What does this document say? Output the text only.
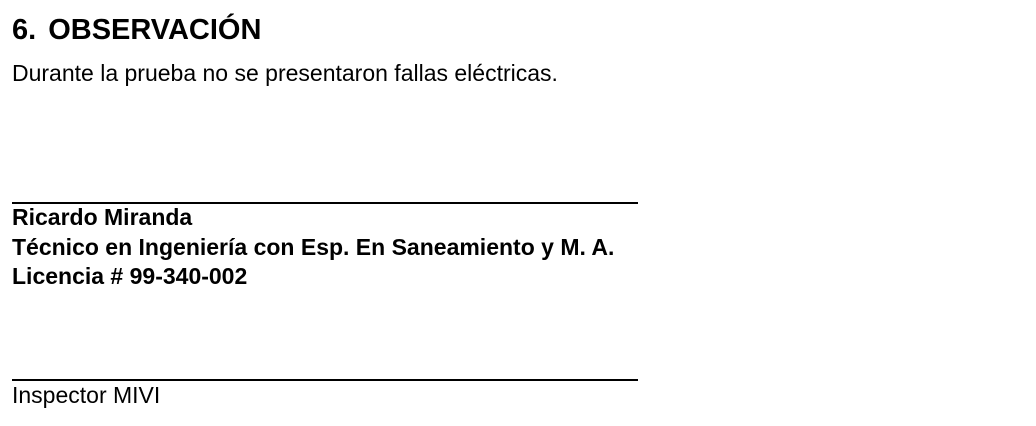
6. OBSERVACIÓN

Durante la prueba no se presentaron fallas eléctricas.

Ricardo Miranda
Técnico en Ingeniería con Esp. En Saneamiento y M. A.
Licencia # 99-340-002

Inspector MIVI
